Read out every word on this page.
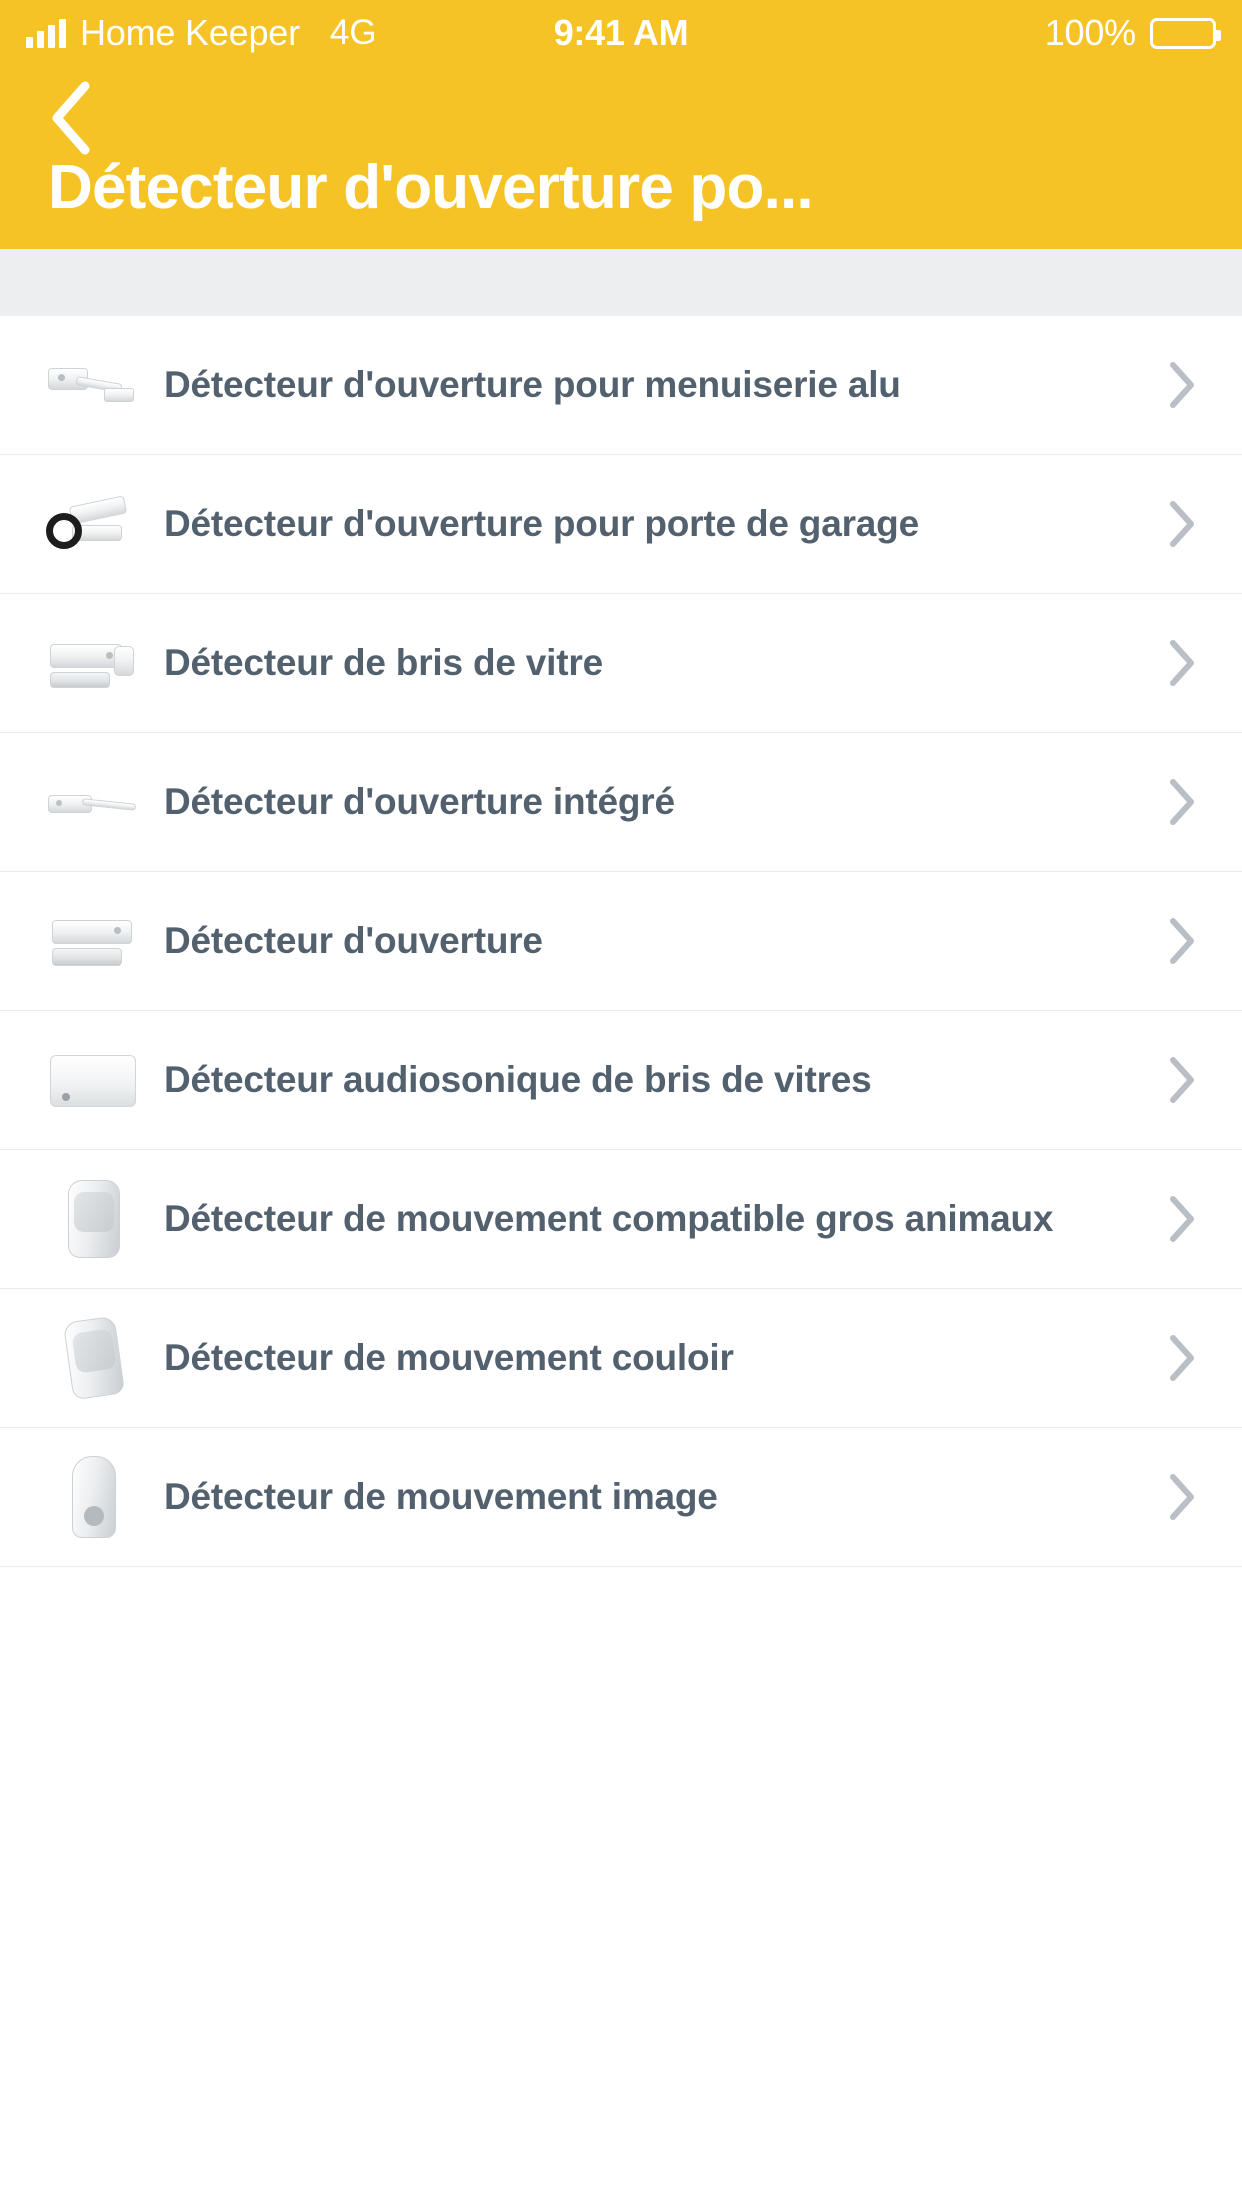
Home Keeper 4G	9:41 AM	100%
Détecteur d'ouverture po...
Détecteur d'ouverture pour menuiserie alu
Détecteur d'ouverture pour porte de garage
Détecteur de bris de vitre
Détecteur d'ouverture intégré
Détecteur d'ouverture
Détecteur audiosonique de bris de vitres
Détecteur de mouvement compatible gros animaux
Détecteur de mouvement couloir
Détecteur de mouvement image
